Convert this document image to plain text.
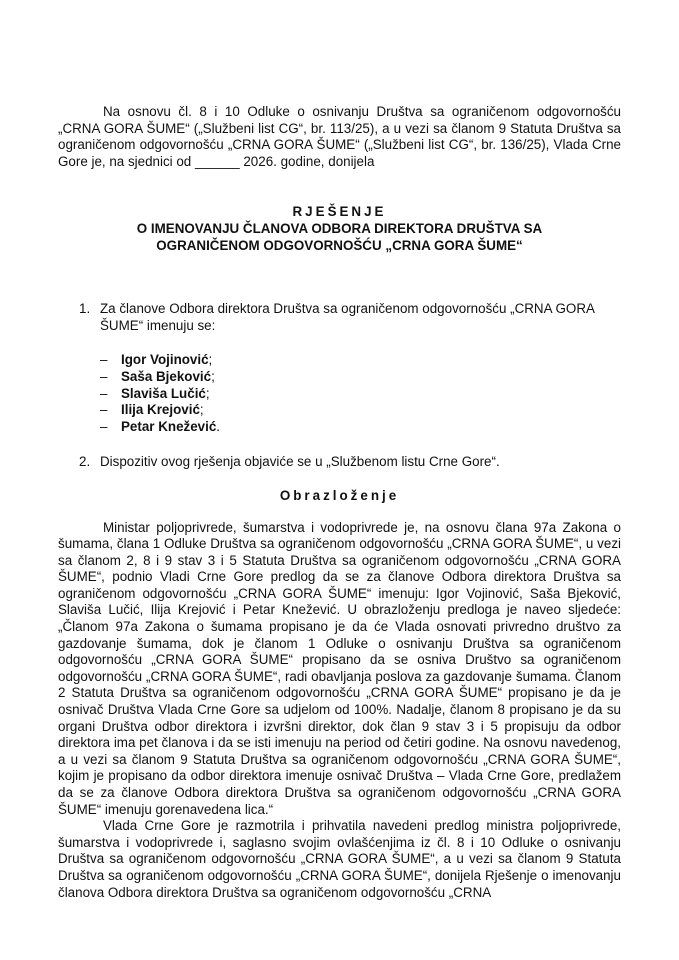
Na osnovu čl. 8 i 10 Odluke o osnivanju Društva sa ograničenom odgovornošću „CRNA GORA ŠUME“ („Službeni list CG“, br. 113/25), a u vezi sa članom 9 Statuta Društva sa ograničenom odgovornošću „CRNA GORA ŠUME“ („Službeni list CG“, br. 136/25), Vlada Crne Gore je, na sjednici od ______ 2026. godine, donijela

RJEŠENJE
O IMENOVANJU ČLANOVA ODBORA DIREKTORA DRUŠTVA SA
OGRANIČENOM ODGOVORNOŠĆU „CRNA GORA ŠUME“
1. Za članove Odbora direktora Društva sa ograničenom odgovornošću „CRNA GORA ŠUME“ imenuju se:
– Igor Vojinović;
– Saša Bjeković;
– Slaviša Lučić;
– Ilija Krejović;
– Petar Knežević.
2. Dispozitiv ovog rješenja objaviće se u „Službenom listu Crne Gore“.
Obrazloženje

Ministar poljoprivrede, šumarstva i vodoprivrede je, na osnovu člana 97a Zakona o šumama, člana 1 Odluke Društva sa ograničenom odgovornošću „CRNA GORA ŠUME“, u vezi sa članom 2, 8 i 9 stav 3 i 5 Statuta Društva sa ograničenom odgovornošću „CRNA GORA ŠUME“, podnio Vladi Crne Gore predlog da se za članove Odbora direktora Društva sa ograničenom odgovornošću „CRNA GORA ŠUME“ imenuju: Igor Vojinović, Saša Bjeković, Slaviša Lučić, Ilija Krejović i Petar Knežević. U obrazloženju predloga je naveo sljedeće: „Članom 97a Zakona o šumama propisano je da će Vlada osnovati privredno društvo za gazdovanje šumama, dok je članom 1 Odluke o osnivanju Društva sa ograničenom odgovornošću „CRNA GORA ŠUME“ propisano da se osniva Društvo sa ograničenom odgovornošću „CRNA GORA ŠUME“, radi obavljanja poslova za gazdovanje šumama. Članom 2 Statuta Društva sa ograničenom odgovornošću „CRNA GORA ŠUME“ propisano je da je osnivač Društva Vlada Crne Gore sa udjelom od 100%. Nadalje, članom 8 propisano je da su organi Društva odbor direktora i izvršni direktor, dok član 9 stav 3 i 5 propisuju da odbor direktora ima pet članova i da se isti imenuju na period od četiri godine. Na osnovu navedenog, a u vezi sa članom 9 Statuta Društva sa ograničenom odgovornošću „CRNA GORA ŠUME“, kojim je propisano da odbor direktora imenuje osnivač Društva – Vlada Crne Gore, predlažem da se za članove Odbora direktora Društva sa ograničenom odgovornošću „CRNA GORA ŠUME“ imenuju gorenavedena lica.“

Vlada Crne Gore je razmotrila i prihvatila navedeni predlog ministra poljoprivrede, šumarstva i vodoprivrede i, saglasno svojim ovlašćenjima iz čl. 8 i 10 Odluke o osnivanju Društva sa ograničenom odgovornošću „CRNA GORA ŠUME“, a u vezi sa članom 9 Statuta Društva sa ograničenom odgovornošću „CRNA GORA ŠUME“, donijela Rješenje o imenovanju članova Odbora direktora Društva sa ograničenom odgovornošću „CRNA
